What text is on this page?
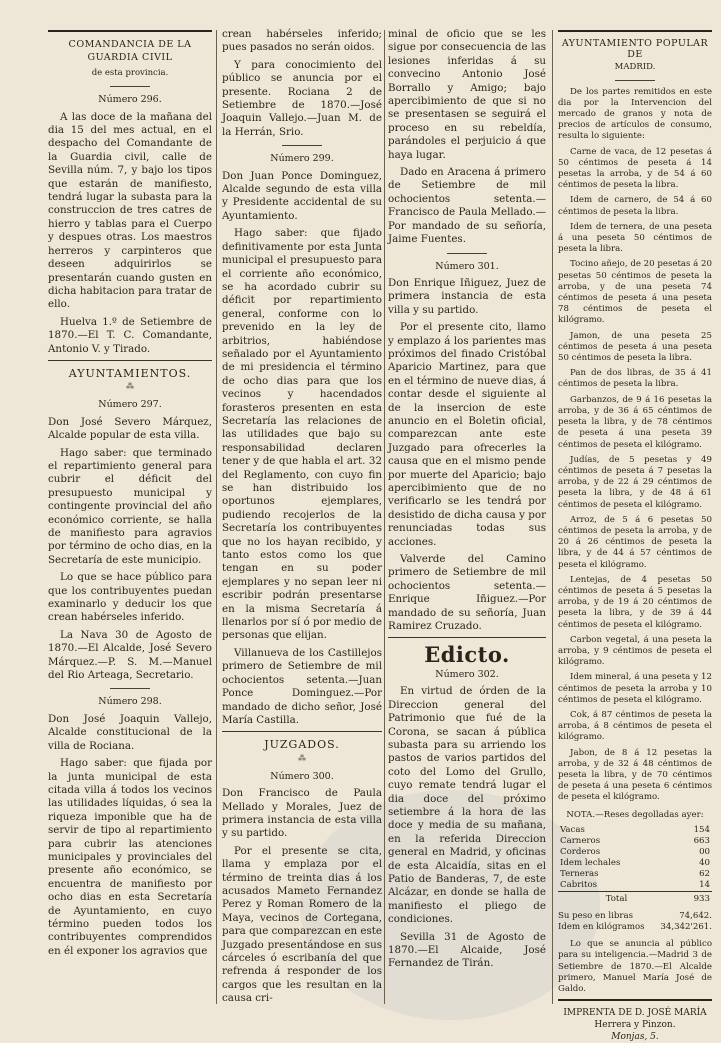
COMANDANCIA DE LA GUARDIA CIVIL
de esta provincia.
Número 296.

A las doce de la mañana del dia 15 del mes actual, en el despacho del Comandante de la Guardia civil, calle de Sevilla núm. 7, y bajo los tipos que estarán de manifiesto, tendrá lugar la subasta para la construccion de tres catres de hierro y tablas para el Cuerpo y despues otras. Los maestros herreros y carpinteros que deseen adquirirlos se presentarán cuando gusten en dicha habitacion para tratar de ello.

Huelva 1.º de Setiembre de 1870.—El T. C. Comandante, Antonio V. y Tirado.

AYUNTAMIENTOS.
⁂
Número 297.

Don José Severo Márquez, Alcalde popular de esta villa.

Hago saber: que terminado el repartimiento general para cubrir el déficit del presupuesto municipal y contingente provincial del año económico corriente, se halla de manifiesto para agravios por término de ocho dias, en la Secretaría de este municipio.

Lo que se hace público para que los contribuyentes puedan examinarlo y deducir los que crean habérseles inferido.

La Nava 30 de Agosto de 1870.—El Alcalde, José Severo Márquez.—P. S. M.—Manuel del Rio Arteaga, Secretario.

Número 298.

Don José Joaquin Vallejo, Alcalde constitucional de la villa de Rociana.

Hago saber: que fijada por la junta municipal de esta citada villa á todos los vecinos las utilidades líquidas, ó sea la riqueza imponible que ha de servir de tipo al repartimiento para cubrir las atenciones municipales y provinciales del presente año económico, se encuentra de manifiesto por ocho dias en esta Secretaría de Ayuntamiento, en cuyo término pueden todos los contribuyentes comprendidos en él exponer los agravios que

crean habérseles inferido; pues pasados no serán oidos.

Y para conocimiento del público se anuncia por el presente. Rociana 2 de Setiembre de 1870.—José Joaquin Vallejo.—Juan M. de la Herrán, Srio.

Número 299.

Don Juan Ponce Dominguez, Alcalde segundo de esta villa y Presidente accidental de su Ayuntamiento.

Hago saber: que fijado definitivamente por esta Junta municipal el presupuesto para el corriente año económico, se ha acordado cubrir su déficit por repartimiento general, conforme con lo prevenido en la ley de arbitrios, habiéndose señalado por el Ayuntamiento de mi presidencia el término de ocho dias para que los vecinos y hacendados forasteros presenten en esta Secretaría las relaciones de las utilidades que bajo su responsabilidad declaren tener y de que habla el art. 32 del Reglamento, con cuyo fin se han distribuido los oportunos ejemplares, pudiendo recojerlos de la Secretaría los contribuyentes que no los hayan recibido, y tanto estos como los que tengan en su poder ejemplares y no sepan leer ni escribir podrán presentarse en la misma Secretaría á llenarlos por sí ó por medio de personas que elijan.

Villanueva de los Castillejos primero de Setiembre de mil ochocientos setenta.—Juan Ponce Dominguez.—Por mandado de dicho señor, José María Castilla.

JUZGADOS.
⁂
Número 300.

Don Francisco de Paula Mellado y Morales, Juez de primera instancia de esta villa y su partido.

Por el presente se cita, llama y emplaza por el término de treinta dias á los acusados Mameto Fernandez Perez y Roman Romero de la Maya, vecinos de Cortegana, para que comparezcan en este Juzgado presentándose en sus cárceles ó escribanía del que refrenda á responder de los cargos que les resultan en la causa cri-

minal de oficio que se les sigue por consecuencia de las lesiones inferidas á su convecino Antonio José Borrallo y Amigo; bajo apercibimiento de que si no se presentasen se seguirá el proceso en su rebeldía, parándoles el perjuicio á que haya lugar.

Dado en Aracena á primero de Setiembre de mil ochocientos setenta.—Francisco de Paula Mellado.—Por mandado de su señoría, Jaime Fuentes.

Número 301.

Don Enrique Iñiguez, Juez de primera instancia de esta villa y su partido.

Por el presente cito, llamo y emplazo á los parientes mas próximos del finado Cristóbal Aparicio Martinez, para que en el término de nueve dias, á contar desde el siguiente al de la insercion de este anuncio en el Boletin oficial, comparezcan ante este Juzgado para ofrecerles la causa que en el mismo pende por muerte del Aparicio; bajo apercibimiento que de no verificarlo se les tendrá por desistido de dicha causa y por renunciadas todas sus acciones.

Valverde del Camino primero de Setiembre de mil ochocientos setenta.—Enrique Iñiguez.—Por mandado de su señoría, Juan Ramirez Cruzado.

Edicto.
Número 302.

En virtud de órden de la Direccion general del Patrimonio que fué de la Corona, se sacan á pública subasta para su arriendo los pastos de varios partidos del coto del Lomo del Grullo, cuyo remate tendrá lugar el dia doce del próximo setiembre á la hora de las doce y media de su mañana, en la referida Direccion general en Madrid, y oficinas de esta Alcaidía, sitas en el Patio de Banderas, 7, de este Alcázar, en donde se halla de manifiesto el pliego de condiciones.

Sevilla 31 de Agosto de 1870.—El Alcaide, José Fernandez de Tirán.

AYUNTAMIENTO POPULAR DE
MADRID.

De los partes remitidos en este dia por la Intervencion del mercado de granos y nota de precios de artículos de consumo, resulta lo siguiente:

Carne de vaca, de 12 pesetas á 50 céntimos de peseta á 14 pesetas la arroba, y de 54 á 60 céntimos de peseta la libra.

Idem de carnero, de 54 á 60 céntimos de peseta la libra.

Idem de ternera, de una peseta á una peseta 50 céntimos de peseta la libra.

Tocino añejo, de 20 pesetas á 20 pesetas 50 céntimos de peseta la arroba, y de una peseta 74 céntimos de peseta á una peseta 78 céntimos de peseta el kilógramo.

Jamon, de una peseta 25 céntimos de peseta á una peseta 50 céntimos de peseta la libra.

Pan de dos libras, de 35 á 41 céntimos de peseta la libra.

Garbanzos, de 9 á 16 pesetas la arroba, y de 36 á 65 céntimos de peseta la libra, y de 78 céntimos de peseta á una peseta 39 céntimos de peseta el kilógramo.

Judías, de 5 pesetas y 49 céntimos de peseta á 7 pesetas la arroba, y de 22 á 29 céntimos de peseta la libra, y de 48 á 61 céntimos de peseta el kilógramo.

Arroz, de 5 á 6 pesetas 50 céntimos de peseta la arroba, y de 20 á 26 céntimos de peseta la libra, y de 44 á 57 céntimos de peseta el kilógramo.

Lentejas, de 4 pesetas 50 céntimos de peseta á 5 pesetas la arroba, y de 19 á 20 céntimos de peseta la libra, y de 39 á 44 céntimos de peseta el kilógramo.

Carbon vegetal, á una peseta la arroba, y 9 céntimos de peseta el kilógramo.

Idem mineral, á una peseta y 12 céntimos de peseta la arroba y 10 céntimos de peseta el kilógramo.

Cok, á 87 céntimos de peseta la arroba, á 8 céntimos de peseta el kilógramo.

Jabon, de 8 á 12 pesetas la arroba, y de 32 á 48 céntimos de peseta la libra, y de 70 céntimos de peseta á una peseta 6 céntimos de peseta el kilógramo.

NOTA.—Reses degolladas ayer:
Vacas	154
Carneros	663
Corderos	00
Idem lechales	40
Terneras	62
Cabritos	14
Total	933
Su peso en libras	74,642.
Idem en kilógramos 34,342'261.

Lo que se anuncia al público para su inteligencia.—Madrid 3 de Setiembre de 1870.—El Alcalde primero, Manuel María José de Galdo.

IMPRENTA DE D. JOSÉ MARÍA Herrera y Pinzon.
Monjas, 5.
